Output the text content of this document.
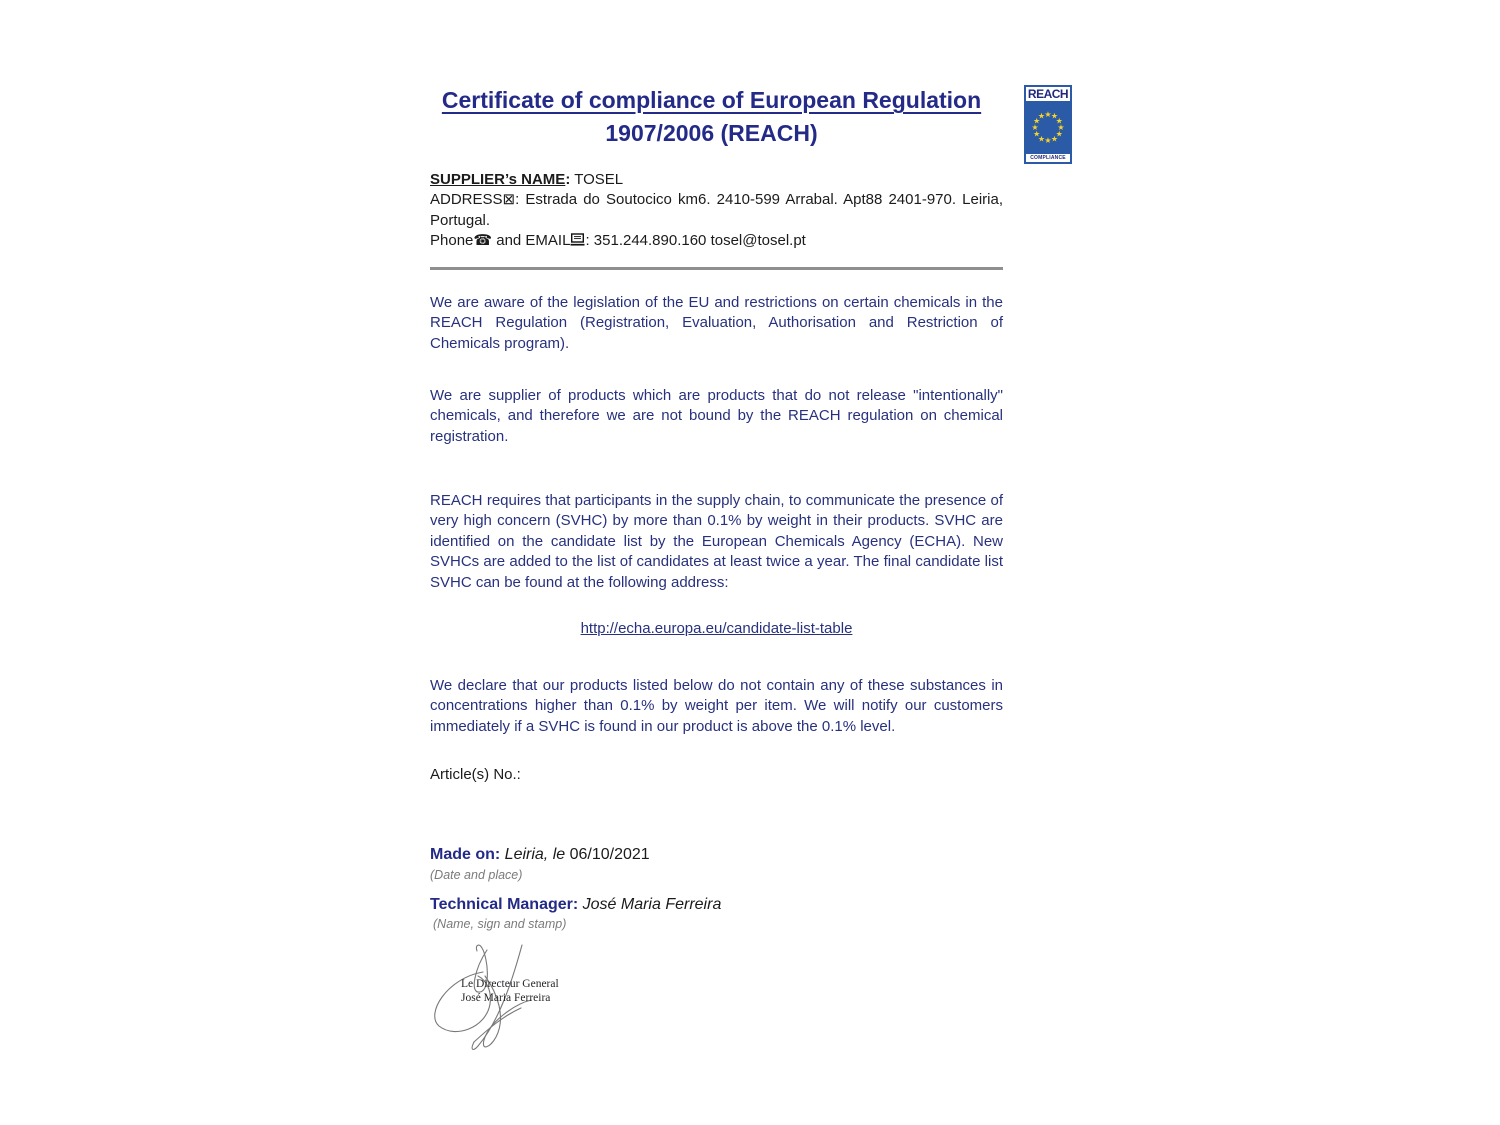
Certificate of compliance of European Regulation
1907/2006 (REACH)
REACH
★ ★
★
★
★
★
★
★
★
★
★
★
COMPLIANCE
SUPPLIER’s NAME: TOSEL
ADDRESS⊠: Estrada do Soutocico km6. 2410-599 Arrabal. Apt88 2401-970. Leiria,
Portugal.
Phone☎ and EMAIL : 351.244.890.160 tosel@tosel.pt

We are aware of the legislation of the EU and restrictions on certain chemicals in the REACH Regulation (Registration, Evaluation, Authorisation and Restriction of Chemicals program).

We are supplier of products which are products that do not release "intentionally" chemicals, and therefore we are not bound by the REACH regulation on chemical registration.

REACH requires that participants in the supply chain, to communicate the presence of very high concern (SVHC) by more than 0.1% by weight in their products. SVHC are identified on the candidate list by the European Chemicals Agency (ECHA). New SVHCs are added to the list of candidates at least twice a year. The final candidate list SVHC can be found at the following address:

http://echa.europa.eu/candidate-list-table

We declare that our products listed below do not contain any of these substances in concentrations higher than 0.1% by weight per item. We will notify our customers immediately if a SVHC is found in our product is above the 0.1% level.

Article(s) No.:
Made on: Leiria, le 06/10/2021
(Date and place)
Technical Manager: José Maria Ferreira
(Name, sign and stamp)
Le Directeur General
José Maria Ferreira
